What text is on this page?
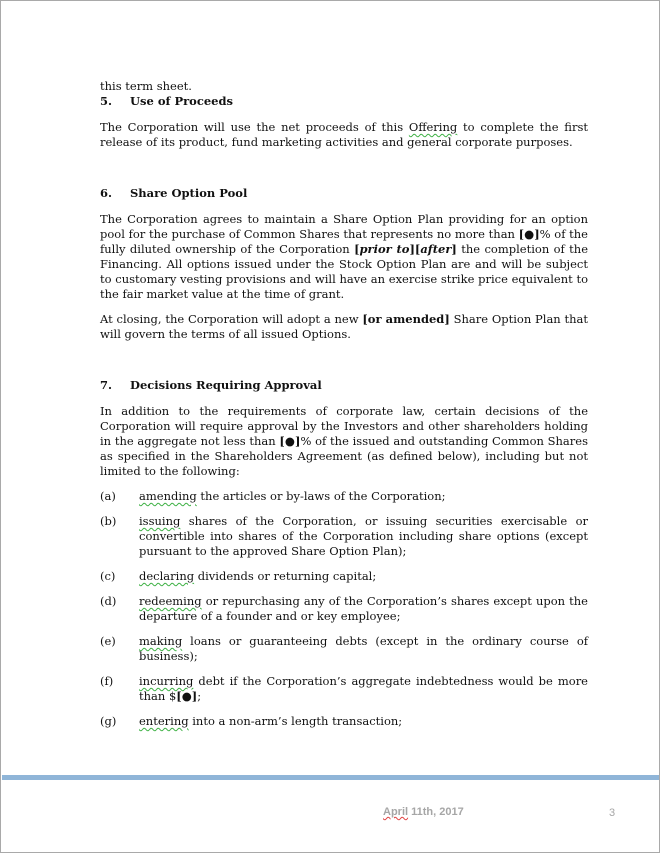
this term sheet.

5.	Use of Proceeds

The Corporation will use the net proceeds of this Offering to complete the first release of its product, fund marketing activities and general corporate purposes.

6.	Share Option Pool

The Corporation agrees to maintain a Share Option Plan providing for an option pool for the purchase of Common Shares that represents no more than [●]% of the fully diluted ownership of the Corporation [prior to][after] the completion of the Financing. All options issued under the Stock Option Plan are and will be subject to customary vesting provisions and will have an exercise strike price equivalent to the fair market value at the time of grant.

At closing, the Corporation will adopt a new [or amended] Share Option Plan that will govern the terms of all issued Options.

7.	Decisions Requiring Approval

In addition to the requirements of corporate law, certain decisions of the Corporation will require approval by the Investors and other shareholders holding in the aggregate not less than [●]% of the issued and outstanding Common Shares as specified in the Shareholders Agreement (as defined below), including but not limited to the following:

(a)	amending the articles or by-laws of the Corporation;
(b)	issuing shares of the Corporation, or issuing securities exercisable or convertible into shares of the Corporation including share options (except pursuant to the approved Share Option Plan);
(c)	declaring dividends or returning capital;
(d)	redeeming or repurchasing any of the Corporation’s shares except upon the departure of a founder and or key employee;
(e)	making loans or guaranteeing debts (except in the ordinary course of business);
(f)	incurring debt if the Corporation’s aggregate indebtedness would be more than $[●];
(g)	entering into a non-arm’s length transaction;
April 11th, 2017	3
